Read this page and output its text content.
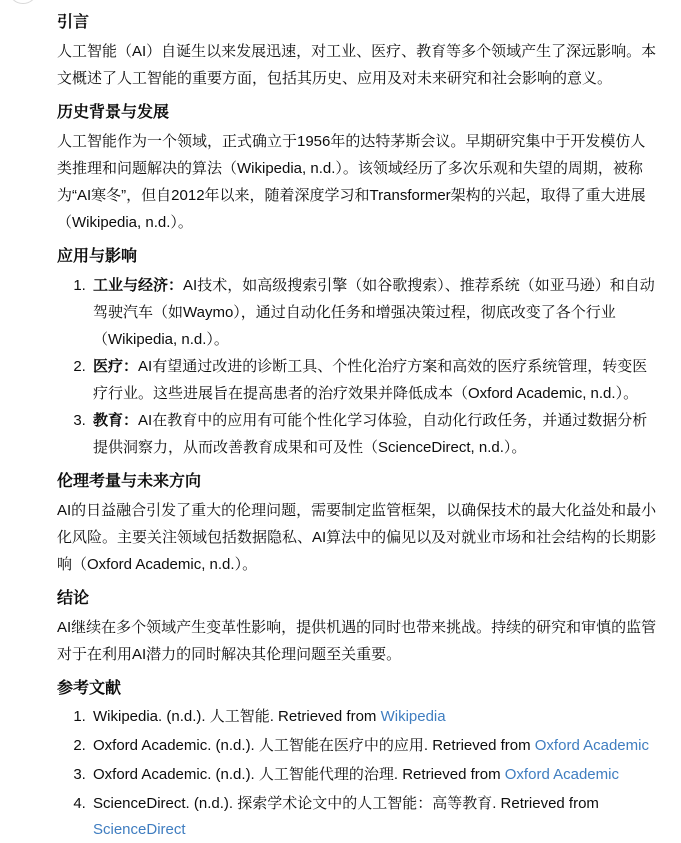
引言

人工智能（AI）自诞生以来发展迅速，对工业、医疗、教育等多个领域产生了深远影响。本文概述了人工智能的重要方面，包括其历史、应用及对未来研究和社会影响的意义。

历史背景与发展

人工智能作为一个领域，正式确立于1956年的达特茅斯会议。早期研究集中于开发模仿人类推理和问题解决的算法（Wikipedia, n.d.）。该领域经历了多次乐观和失望的周期，被称为“AI寒冬”，但自2012年以来，随着深度学习和Transformer架构的兴起，取得了重大进展（Wikipedia, n.d.）。

应用与影响
1. 工业与经济：AI技术，如高级搜索引擎（如谷歌搜索）、推荐系统（如亚马逊）和自动驾驶汽车（如Waymo），通过自动化任务和增强决策过程，彻底改变了各个行业（Wikipedia, n.d.）。
2. 医疗：AI有望通过改进的诊断工具、个性化治疗方案和高效的医疗系统管理，转变医疗行业。这些进展旨在提高患者的治疗效果并降低成本（Oxford Academic, n.d.）。
3. 教育：AI在教育中的应用有可能个性化学习体验，自动化行政任务，并通过数据分析提供洞察力，从而改善教育成果和可及性（ScienceDirect, n.d.）。
伦理考量与未来方向

AI的日益融合引发了重大的伦理问题，需要制定监管框架，以确保技术的最大化益处和最小化风险。主要关注领域包括数据隐私、AI算法中的偏见以及对就业市场和社会结构的长期影响（Oxford Academic, n.d.）。

结论

AI继续在多个领域产生变革性影响，提供机遇的同时也带来挑战。持续的研究和审慎的监管对于在利用AI潜力的同时解决其伦理问题至关重要。

参考文献
1. Wikipedia. (n.d.). 人工智能. Retrieved from Wikipedia
2. Oxford Academic. (n.d.). 人工智能在医疗中的应用. Retrieved from Oxford Academic
3. Oxford Academic. (n.d.). 人工智能代理的治理. Retrieved from Oxford Academic
4. ScienceDirect. (n.d.). 探索学术论文中的人工智能：高等教育. Retrieved from ScienceDirect
